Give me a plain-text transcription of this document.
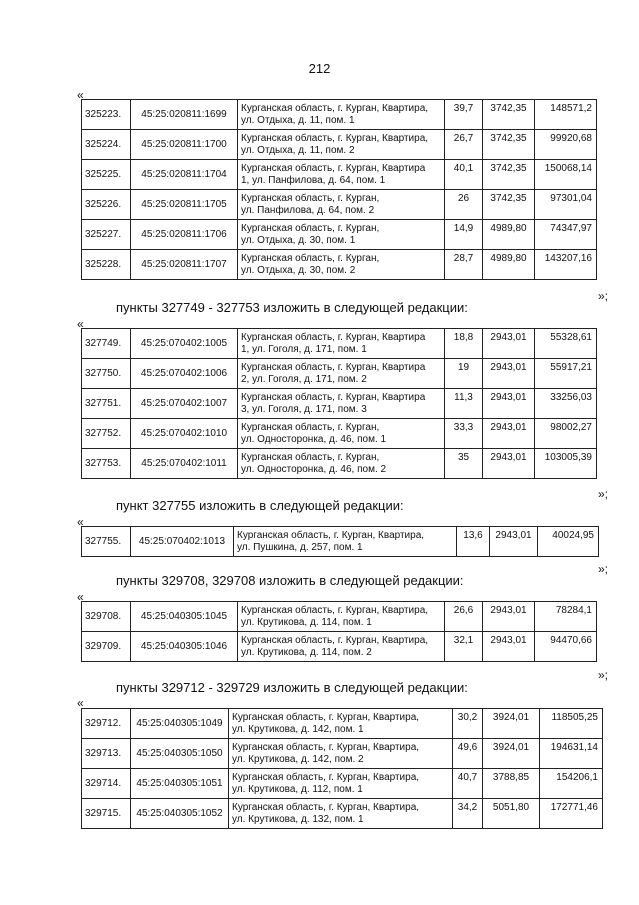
212
«
325223.	45:25:020811:1699	Курганская область, г. Курган, Квартира,
ул. Отдыха, д. 11, пом. 1	39,7	3742,35	148571,2
325224.	45:25:020811:1700	Курганская область, г. Курган, Квартира,
ул. Отдыха, д. 11, пом. 2	26,7	3742,35	99920,68
325225.	45:25:020811:1704	Курганская область, г. Курган, Квартира
1, ул. Панфилова, д. 64, пом. 1	40,1	3742,35	150068,14
325226.	45:25:020811:1705	Курганская область, г. Курган,
ул. Панфилова, д. 64, пом. 2	26	3742,35	97301,04
325227.	45:25:020811:1706	Курганская область, г. Курган,
ул. Отдыха, д. 30, пом. 1	14,9	4989,80	74347,97
325228.	45:25:020811:1707	Курганская область, г. Курган,
ул. Отдыха, д. 30, пом. 2	28,7	4989,80	143207,16
»;
пункты 327749 - 327753 изложить в следующей редакции:
«
327749.	45:25:070402:1005	Курганская область, г. Курган, Квартира
1, ул. Гоголя, д. 171, пом. 1	18,8	2943,01	55328,61
327750.	45:25:070402:1006	Курганская область, г. Курган, Квартира
2, ул. Гоголя, д. 171, пом. 2	19	2943,01	55917,21
327751.	45:25:070402:1007	Курганская область, г. Курган, Квартира
3, ул. Гоголя, д. 171, пом. 3	11,3	2943,01	33256,03
327752.	45:25:070402:1010	Курганская область, г. Курган,
ул. Односторонка, д. 46, пом. 1	33,3	2943,01	98002,27
327753.	45:25:070402:1011	Курганская область, г. Курган,
ул. Односторонка, д. 46, пом. 2	35	2943,01	103005,39
»;
пункт 327755 изложить в следующей редакции:
«
327755.	45:25:070402:1013	Курганская область, г. Курган, Квартира,
ул. Пушкина, д. 257, пом. 1
	13,6	2943,01	40024,95
»;
пункты 329708, 329708 изложить в следующей редакции:
«
329708.	45:25:040305:1045	Курганская область, г. Курган, Квартира,
ул. Крутикова, д. 114, пом. 1	26,6	2943,01	78284,1
329709.	45:25:040305:1046	Курганская область, г. Курган, Квартира,
ул. Крутикова, д. 114, пом. 2	32,1	2943,01	94470,66
»;
пункты 329712 - 329729 изложить в следующей редакции:
«
329712.	45:25:040305:1049	Курганская область, г. Курган, Квартира,
ул. Крутикова, д. 142, пом. 1	30,2	3924,01	118505,25
329713.	45:25:040305:1050	Курганская область, г. Курган, Квартира,
ул. Крутикова, д. 142, пом. 2	49,6	3924,01	194631,14
329714.	45:25:040305:1051	Курганская область, г. Курган, Квартира,
ул. Крутикова, д. 112, пом. 1	40,7	3788,85	154206,1
329715.	45:25:040305:1052	Курганская область, г. Курган, Квартира,
ул. Крутикова, д. 132, пом. 1	34,2	5051,80	172771,46
